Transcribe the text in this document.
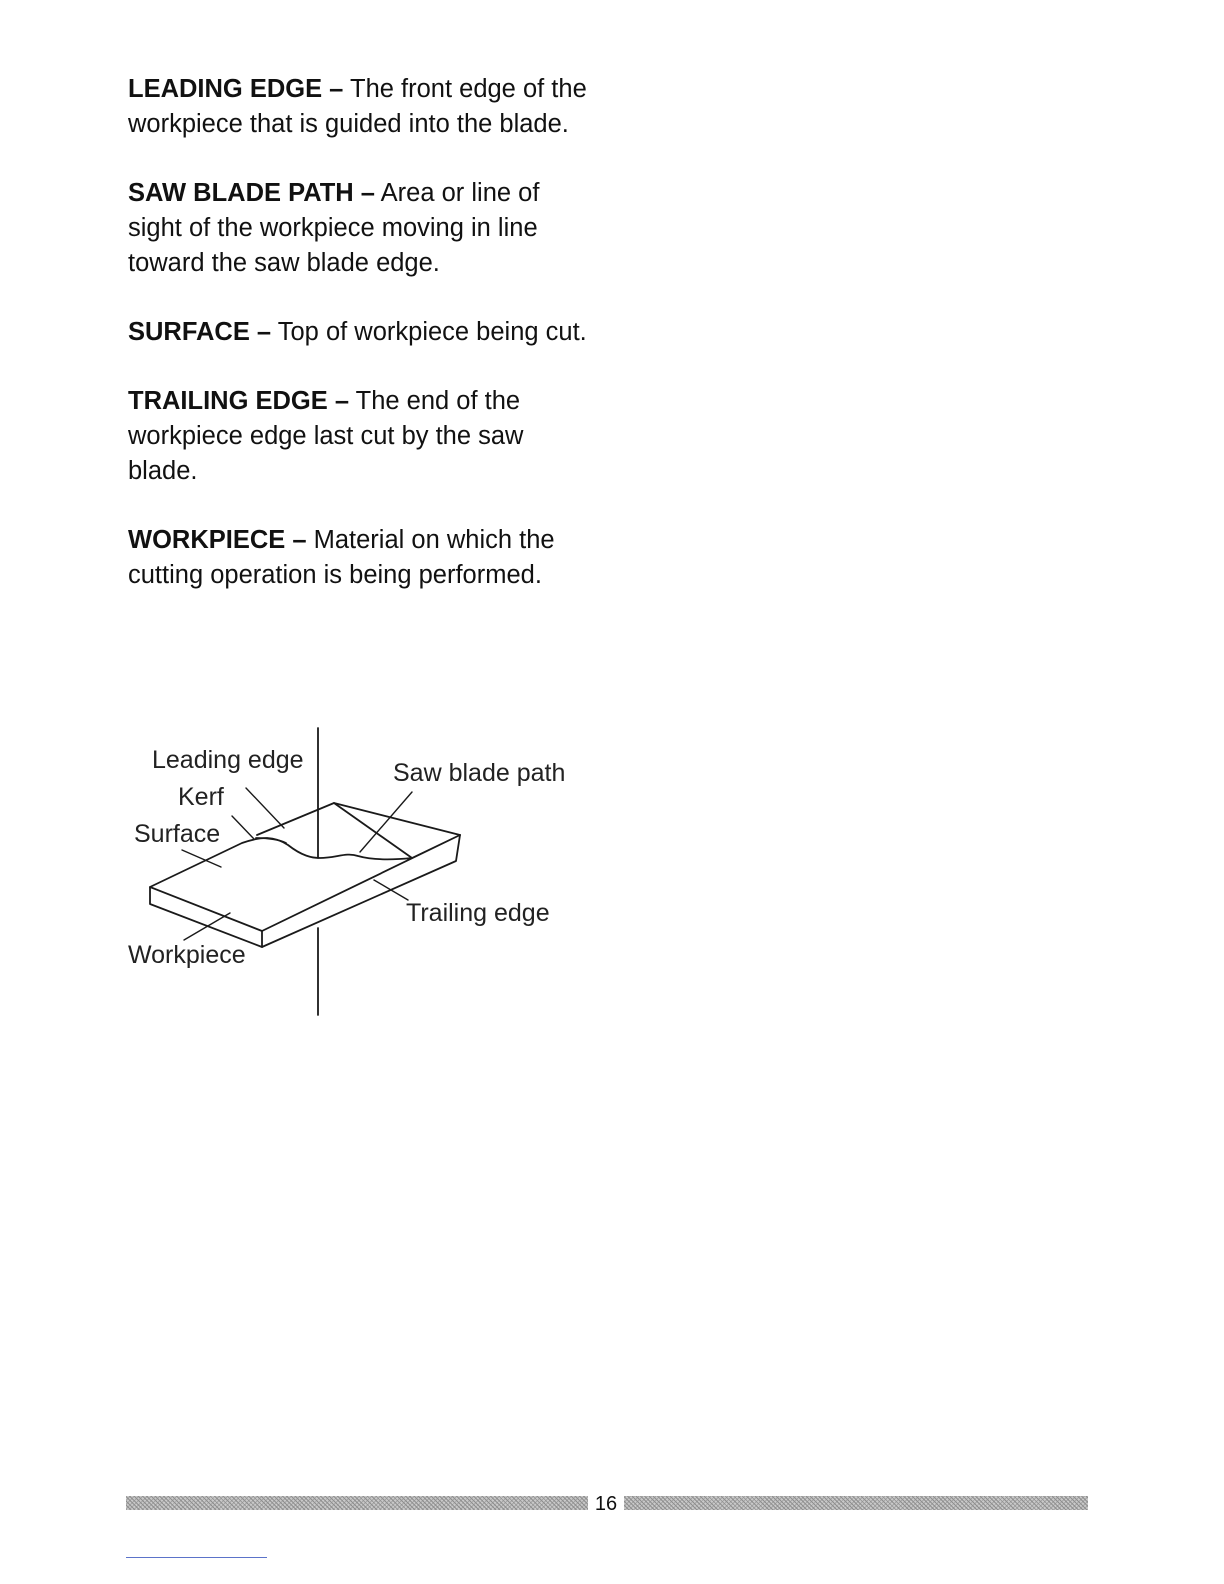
LEADING EDGE – The front edge of the workpiece that is guided into the blade.

SAW BLADE PATH – Area or line of sight of the workpiece moving in line toward the saw blade edge.

SURFACE – Top of workpiece being cut.

TRAILING EDGE – The end of the workpiece edge last cut by the saw blade.

WORKPIECE – Material on which the cutting operation is being performed.

Leading edge
Kerf
Surface
Saw blade path
Trailing edge
Workpiece
16
